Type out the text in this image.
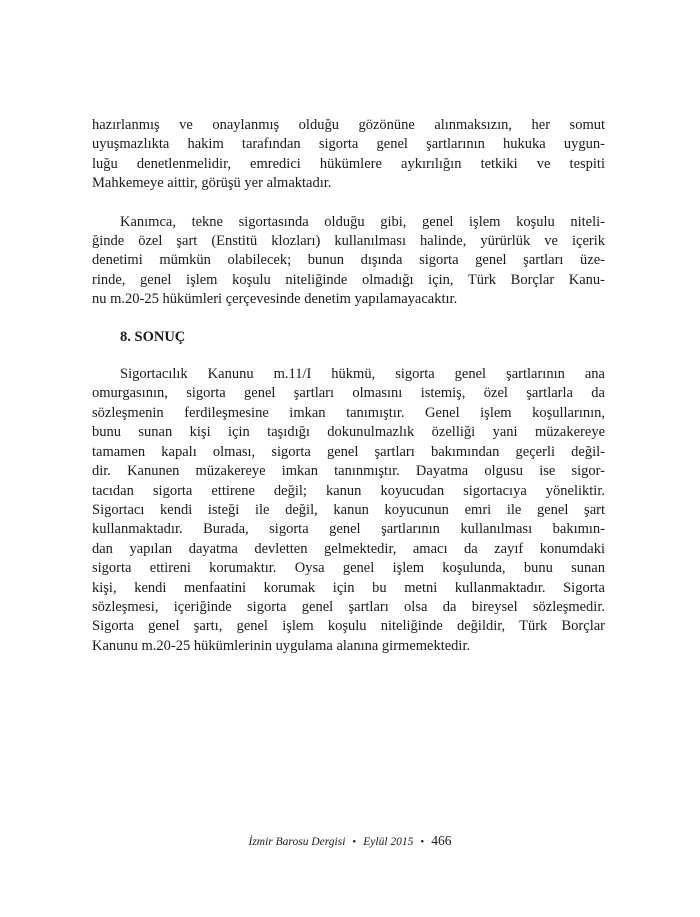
hazırlanmış ve onaylanmış olduğu gözönüne alınmaksızın, her somut
uyuşmazlıkta hakim tarafından sigorta genel şartlarının hukuka uygun-
luğu denetlenmelidir, emredici hükümlere aykırılığın tetkiki ve tespiti
Mahkemeye aittir, görüşü yer almaktadır.
Kanımca, tekne sigortasında olduğu gibi, genel işlem koşulu niteli-
ğinde özel şart (Enstitü klozları) kullanılması halinde, yürürlük ve içerik
denetimi mümkün olabilecek; bunun dışında sigorta genel şartları üze-
rinde, genel işlem koşulu niteliğinde olmadığı için, Türk Borçlar Kanu-
nu m.20-25 hükümleri çerçevesinde denetim yapılamayacaktır.
8. SONUÇ
Sigortacılık Kanunu m.11/I hükmü, sigorta genel şartlarının ana
omurgasının, sigorta genel şartları olmasını istemiş, özel şartlarla da
sözleşmenin ferdileşmesine imkan tanımıştır. Genel işlem koşullarının,
bunu sunan kişi için taşıdığı dokunulmazlık özelliği yani müzakereye
tamamen kapalı olması, sigorta genel şartları bakımından geçerli değil-
dir. Kanunen müzakereye imkan tanınmıştır. Dayatma olgusu ise sigor-
tacıdan sigorta ettirene değil; kanun koyucudan sigortacıya yöneliktir.
Sigortacı kendi isteği ile değil, kanun koyucunun emri ile genel şart
kullanmaktadır. Burada, sigorta genel şartlarının kullanılması bakımın-
dan yapılan dayatma devletten gelmektedir, amacı da zayıf konumdaki
sigorta ettireni korumaktır. Oysa genel işlem koşulunda, bunu sunan
kişi, kendi menfaatini korumak için bu metni kullanmaktadır. Sigorta
sözleşmesi, içeriğinde sigorta genel şartları olsa da bireysel sözleşmedir.
Sigorta genel şartı, genel işlem koşulu niteliğinde değildir, Türk Borçlar
Kanunu m.20-25 hükümlerinin uygulama alanına girmemektedir.
İzmir Barosu Dergisi • Eylül 2015 • 466
